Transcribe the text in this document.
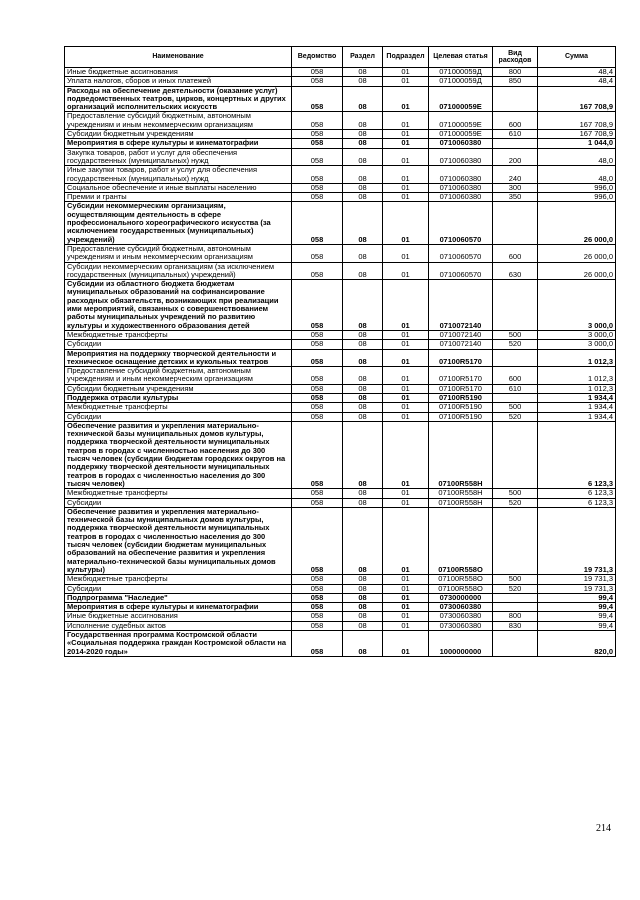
Наименование	Ведомство	Раздел	Подраздел	Целевая статья	Вид расходов	Сумма
Иные бюджетные ассигнования	058	08	01	071000059Д	800	48,4
Уплата налогов, сборов и иных платежей	058	08	01	071000059Д	850	48,4
Расходы на обеспечение деятельности (оказание услуг) подведомственных театров, цирков, концертных и других организаций исполнительских искусств	058	08	01	071000059Е		167 708,9
Предоставление субсидий бюджетным, автономным учреждениям и иным некоммерческим организациям	058	08	01	071000059Е	600	167 708,9
Субсидии бюджетным учреждениям	058	08	01	071000059Е	610	167 708,9
Мероприятия в сфере культуры и кинематографии	058	08	01	0710060380		1 044,0
Закупка товаров, работ и услуг для обеспечения государственных (муниципальных) нужд	058	08	01	0710060380	200	48,0
Иные закупки товаров, работ и услуг для обеспечения государственных (муниципальных) нужд	058	08	01	0710060380	240	48,0
Социальное обеспечение и иные выплаты населению	058	08	01	0710060380	300	996,0
Премии и гранты	058	08	01	0710060380	350	996,0
Субсидии некоммерческим организациям, осуществляющим деятельность в сфере профессионального хореографического искусства (за исключением государственных (муниципальных) учреждений)	058	08	01	0710060570		26 000,0
Предоставление субсидий бюджетным, автономным учреждениям и иным некоммерческим организациям	058	08	01	0710060570	600	26 000,0
Субсидии некоммерческим организациям (за исключением государственных (муниципальных) учреждений)	058	08	01	0710060570	630	26 000,0
Субсидии из областного бюджета бюджетам муниципальных образований на софинансирование расходных обязательств, возникающих при реализации ими мероприятий, связанных с совершенствованием работы муниципальных учреждений по развитию культуры и художественного образования детей	058	08	01	0710072140		3 000,0
Межбюджетные трансферты	058	08	01	0710072140	500	3 000,0
Субсидии	058	08	01	0710072140	520	3 000,0
Мероприятия на поддержку творческой деятельности и техническое оснащение детских и кукольных театров	058	08	01	07100R5170		1 012,3
Предоставление субсидий бюджетным, автономным учреждениям и иным некоммерческим организациям	058	08	01	07100R5170	600	1 012,3
Субсидии бюджетным учреждениям	058	08	01	07100R5170	610	1 012,3
Поддержка отрасли культуры	058	08	01	07100R5190		1 934,4
Межбюджетные трансферты	058	08	01	07100R5190	500	1 934,4
Субсидии	058	08	01	07100R5190	520	1 934,4
Обеспечение развития и укрепления материально-технической базы муниципальных домов культуры, поддержка творческой деятельности муниципальных театров в городах с численностью населения до 300 тысяч человек (субсидии бюджетам городских округов на поддержку творческой деятельности муниципальных театров в городах с численностью населения до 300 тысяч человек)	058	08	01	07100R558Н		6 123,3
Межбюджетные трансферты	058	08	01	07100R558Н	500	6 123,3
Субсидии	058	08	01	07100R558Н	520	6 123,3
Обеспечение развития и укрепления материально-технической базы муниципальных домов культуры, поддержка творческой деятельности муниципальных театров в городах с численностью населения до 300 тысяч человек (субсидии бюджетам муниципальных образований на обеспечение развития и укрепления материально-технической базы муниципальных домов культуры)	058	08	01	07100R558О		19 731,3
Межбюджетные трансферты	058	08	01	07100R558О	500	19 731,3
Субсидии	058	08	01	07100R558О	520	19 731,3
Подпрограмма "Наследие"	058	08	01	0730000000		99,4
Мероприятия в сфере культуры и кинематографии	058	08	01	0730060380		99,4
Иные бюджетные ассигнования	058	08	01	0730060380	800	99,4
Исполнение судебных актов	058	08	01	0730060380	830	99,4
Государственная программа Костромской области «Социальная поддержка граждан Костромской области на 2014-2020 годы»	058	08	01	1000000000		820,0
214
